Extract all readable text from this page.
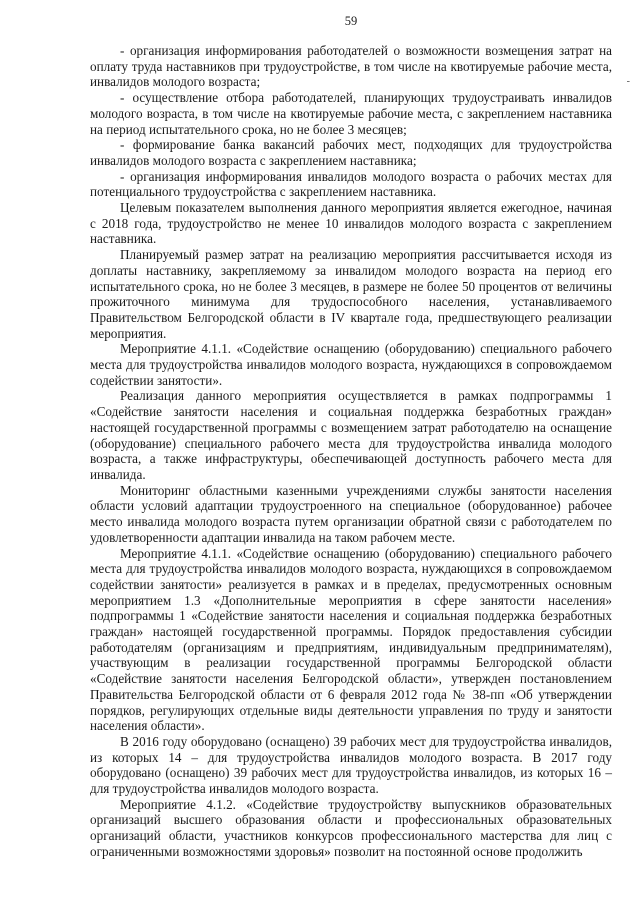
59
-

- организация информирования работодателей о возможности возмещения затрат на оплату труда наставников при трудоустройстве, в том числе на квотируемые рабочие места, инвалидов молодого возраста;

- осуществление отбора работодателей, планирующих трудоустраивать инвалидов молодого возраста, в том числе на квотируемые рабочие места, с закреплением наставника на период испытательного срока, но не более 3 месяцев;

- формирование банка вакансий рабочих мест, подходящих для трудоустройства инвалидов молодого возраста с закреплением наставника;

- организация информирования инвалидов молодого возраста о рабочих местах для потенциального трудоустройства с закреплением наставника.

Целевым показателем выполнения данного мероприятия является ежегодное, начиная с 2018 года, трудоустройство не менее 10 инвалидов молодого возраста с закреплением наставника.

Планируемый размер затрат на реализацию мероприятия рассчитывается исходя из доплаты наставнику, закрепляемому за инвалидом молодого возраста на период его испытательного срока, но не более 3 месяцев, в размере не более 50 процентов от величины прожиточного минимума для трудоспособного населения, устанавливаемого Правительством Белгородской области в IV квартале года, предшествующего реализации мероприятия.

Мероприятие 4.1.1. «Содействие оснащению (оборудованию) специального рабочего места для трудоустройства инвалидов молодого возраста, нуждающихся в сопровождаемом содействии занятости».

Реализация данного мероприятия осуществляется в рамках подпрограммы 1 «Содействие занятости населения и социальная поддержка безработных граждан» настоящей государственной программы с возмещением затрат работодателю на оснащение (оборудование) специального рабочего места для трудоустройства инвалида молодого возраста, а также инфраструктуры, обеспечивающей доступность рабочего места для инвалида.

Мониторинг областными казенными учреждениями службы занятости населения области условий адаптации трудоустроенного на специальное (оборудованное) рабочее место инвалида молодого возраста путем организации обратной связи с работодателем по удовлетворенности адаптации инвалида на таком рабочем месте.

Мероприятие 4.1.1. «Содействие оснащению (оборудованию) специального рабочего места для трудоустройства инвалидов молодого возраста, нуждающихся в сопровождаемом содействии занятости» реализуется в рамках и в пределах, предусмотренных основным мероприятием 1.3 «Дополнительные мероприятия в сфере занятости населения» подпрограммы 1 «Содействие занятости населения и социальная поддержка безработных граждан» настоящей государственной программы. Порядок предоставления субсидии работодателям (организациям и предприятиям, индивидуальным предпринимателям), участвующим в реализации государственной программы Белгородской области «Содействие занятости населения Белгородской области», утвержден постановлением Правительства Белгородской области от 6 февраля 2012 года № 38-пп «Об утверждении порядков, регулирующих отдельные виды деятельности управления по труду и занятости населения области».

В 2016 году оборудовано (оснащено) 39 рабочих мест для трудоустройства инвалидов, из которых 14 – для трудоустройства инвалидов молодого возраста. В 2017 году оборудовано (оснащено) 39 рабочих мест для трудоустройства инвалидов, из которых 16 – для трудоустройства инвалидов молодого возраста.

Мероприятие 4.1.2. «Содействие трудоустройству выпускников образовательных организаций высшего образования области и профессиональных образовательных организаций области, участников конкурсов профессионального мастерства для лиц с ограниченными возможностями здоровья» позволит на постоянной основе продолжить
